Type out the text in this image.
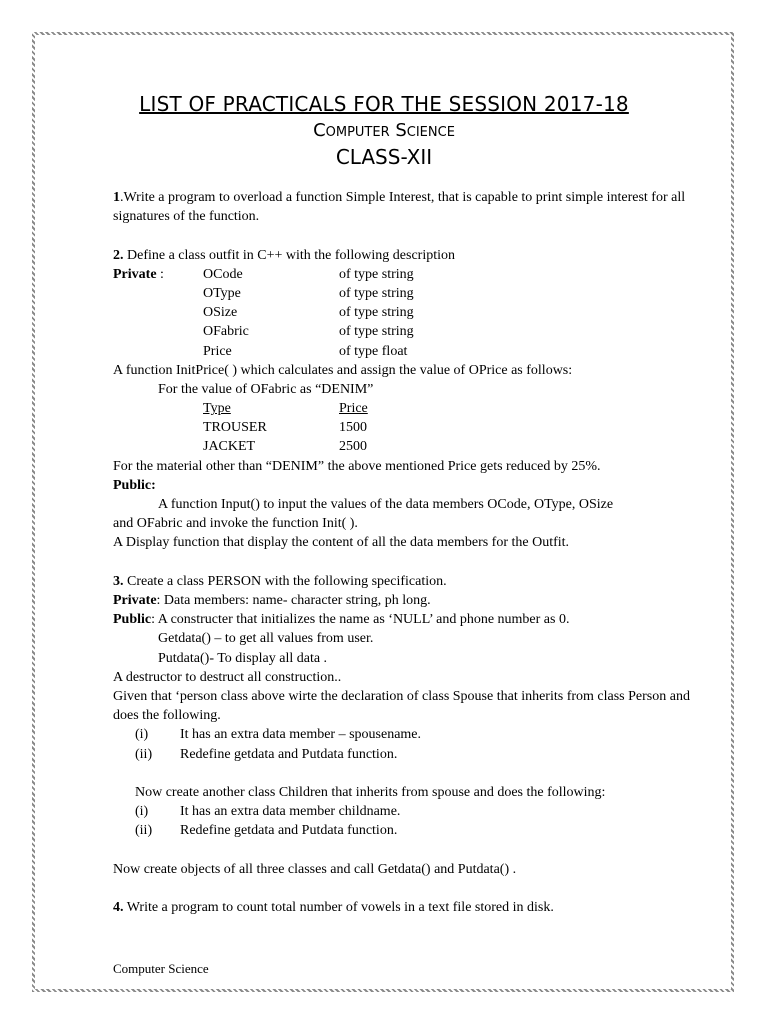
LIST OF PRACTICALS FOR THE SESSION 2017-18
Computer Science
CLASS-XII
1.Write a program to overload a function Simple Interest, that is capable to print simple interest for all signatures of the function.
2. Define a class outfit in C++ with the following description
Private :	OCode	of type string
OType	of type string
OSize	of type string
OFabric	of type string
Price	of type float
A function InitPrice( ) which calculates and assign the value of OPrice as follows:
For the value of OFabric as “DENIM”
Type	Price
TROUSER	1500
JACKET	2500
For the material other than “DENIM” the above mentioned Price gets reduced by 25%.
Public:
A function Input() to input the values of the data members OCode, OType, OSize
and OFabric and invoke the function Init( ).
A Display function that display the content of all the data members for the Outfit.
3. Create a class PERSON with the following specification.
Private: Data members: name- character string, ph long.
Public: A constructer that initializes the name as ‘NULL’ and phone number as 0.
Getdata() – to get all values from user.
Putdata()- To display all data .
A destructor to destruct all construction..
Given that ‘person class above wirte the declaration of class Spouse that inherits from class Person and does the following.
(i) It has an extra data member – spousename.
(ii) Redefine getdata and Putdata function.
Now create another class Children that inherits from spouse and does the following:
(i) It has an extra data member childname.
(ii) Redefine getdata and Putdata function.
Now create objects of all three classes and call Getdata() and Putdata() .
4. Write a program to count total number of vowels in a text file stored in disk.
Computer Science
